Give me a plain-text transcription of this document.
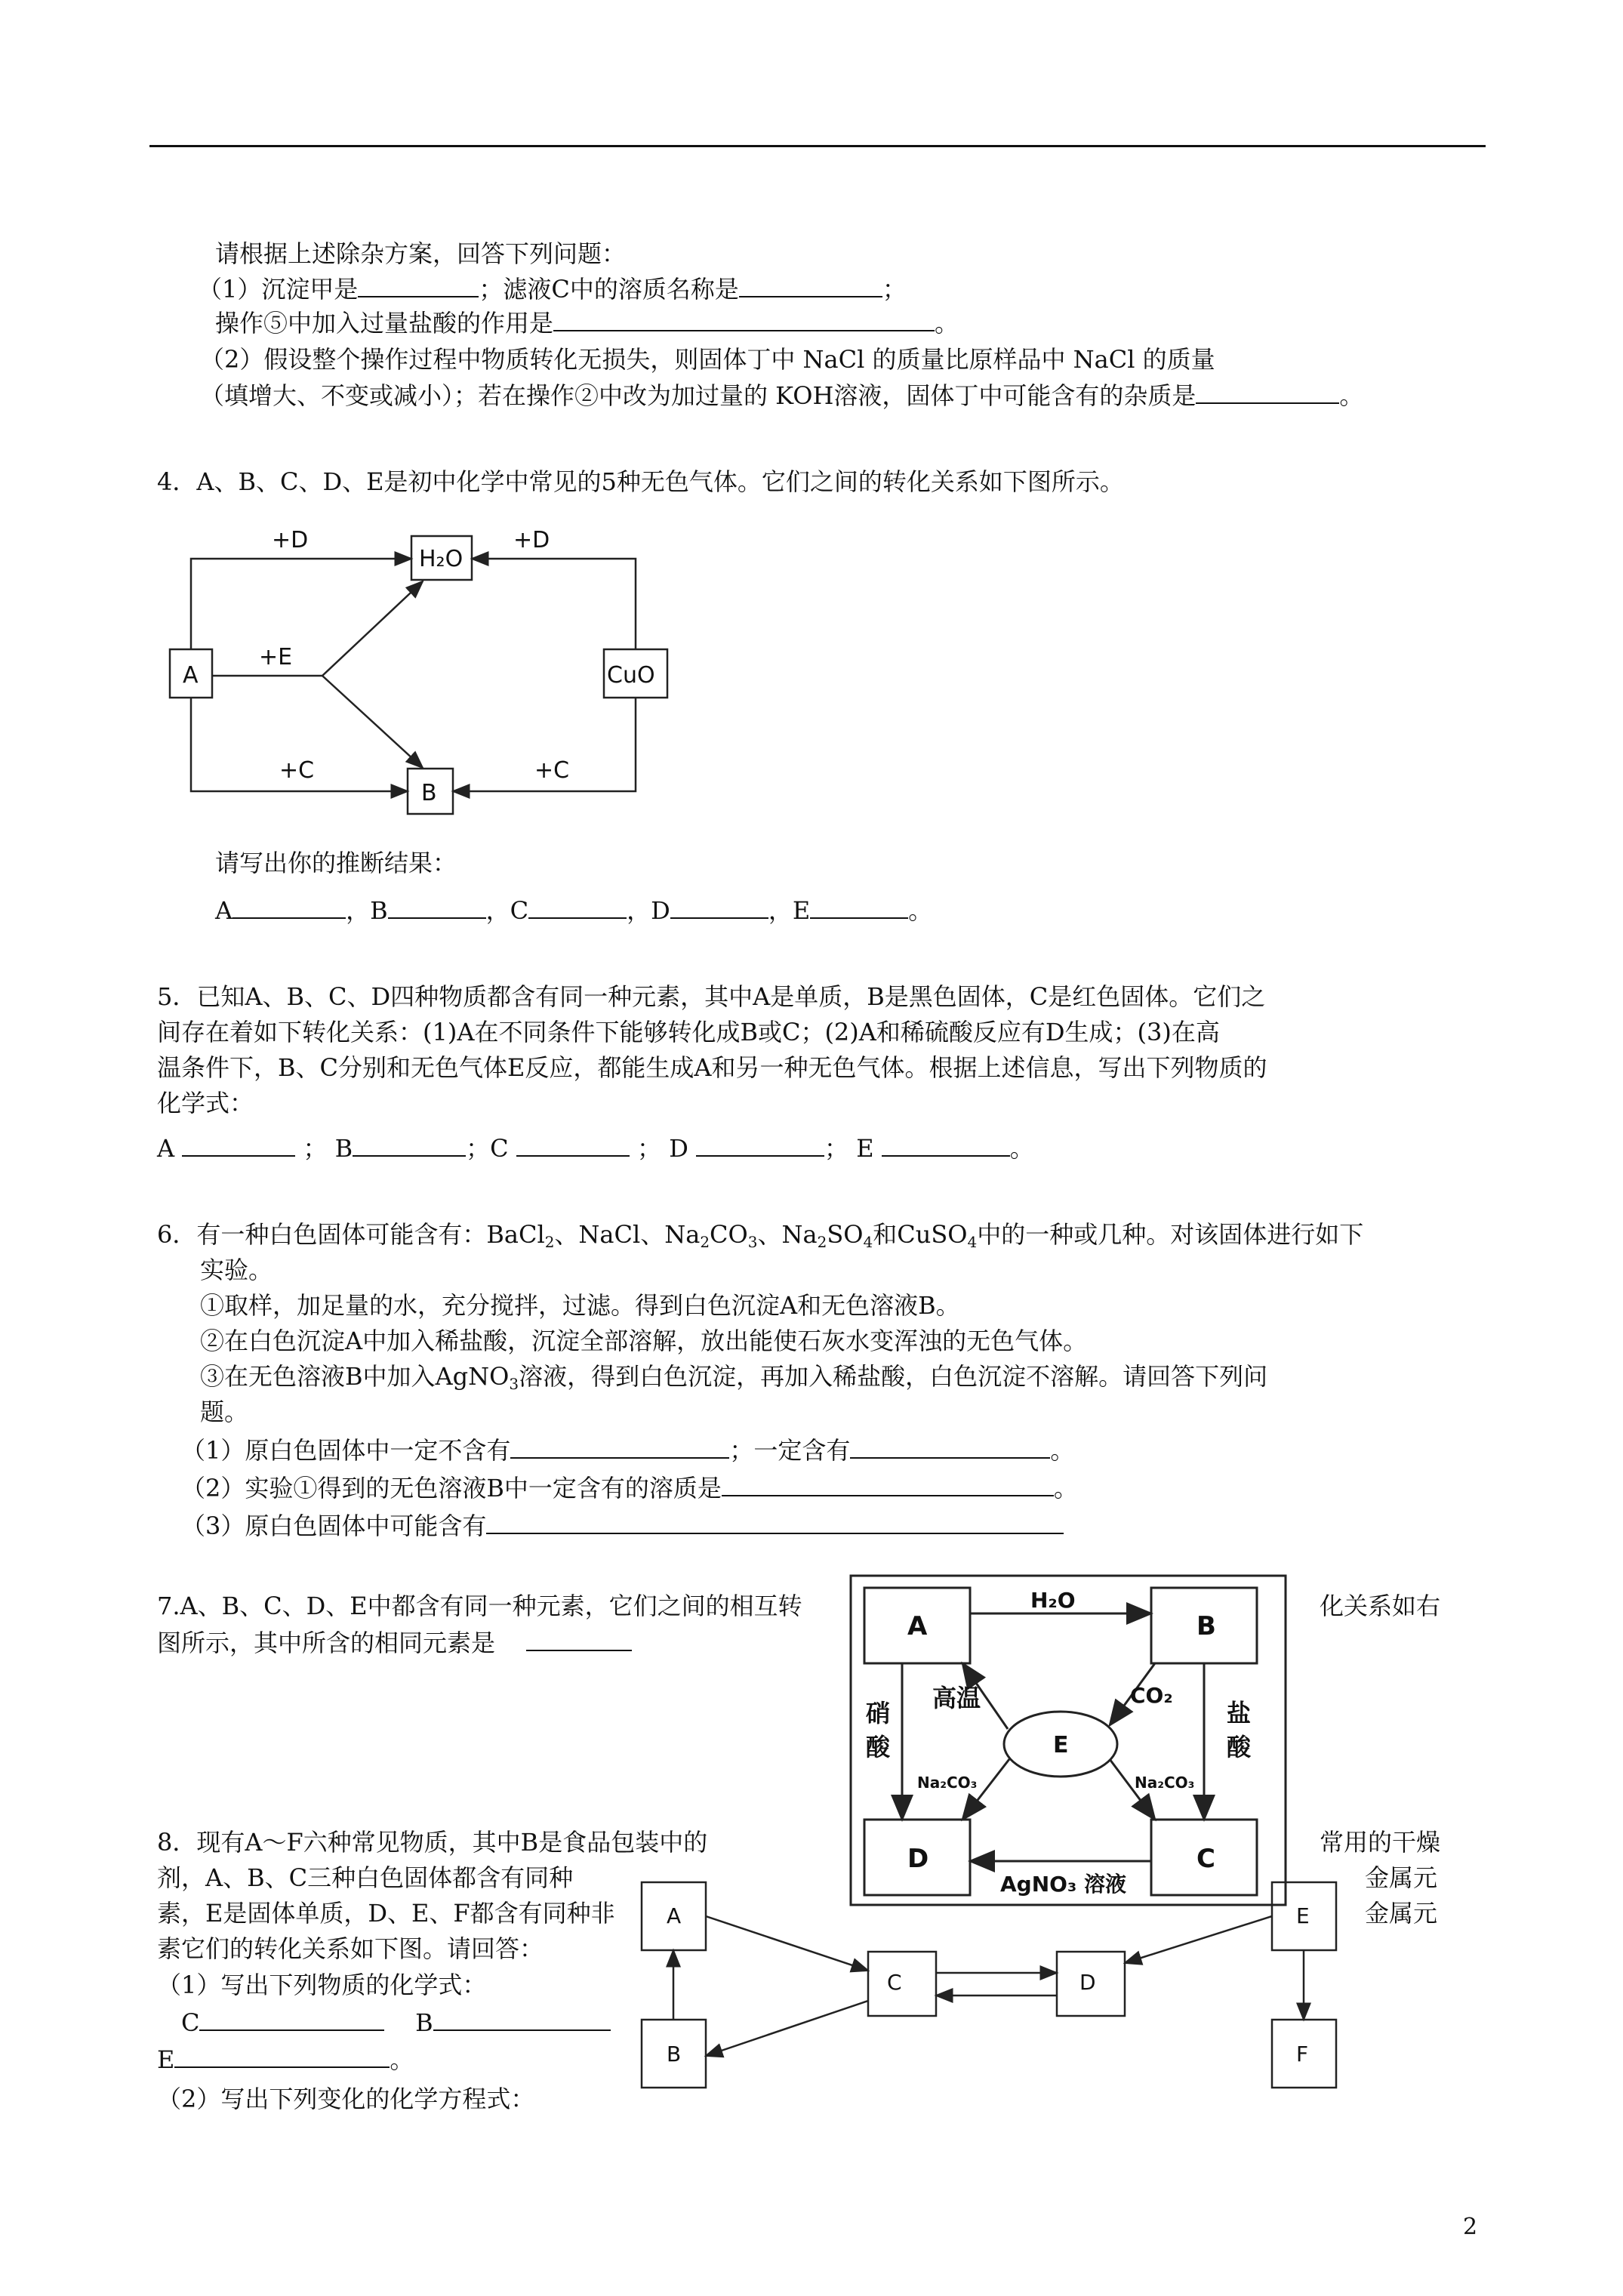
请根据上述除杂方案，回答下列问题：
（1）沉淀甲是	；滤液C中的溶质名称是	；
操作⑤中加入过量盐酸的作用是	。
（2）假设整个操作过程中物质转化无损失，则固体丁中 NaCl 的质量比原样品中 NaCl 的质量
（填增大、不变或减小）；若在操作②中改为加过量的 KOH溶液，固体丁中可能含有的杂质是	。
4．A、B、C、D、E是初中化学中常见的5种无色气体。它们之间的转化关系如下图所示。
A
H₂O
CuO
B
+D	+D
+E
+C	+C
请写出你的推断结果：
A	，B	，C	，D	，E	。
5．已知A、B、C、D四种物质都含有同一种元素，其中A是单质，B是黑色固体，C是红色固体。它们之
间存在着如下转化关系：(1)A在不同条件下能够转化成B或C；(2)A和稀硫酸反应有D生成；(3)在高
温条件下，B、C分别和无色气体E反应，都能生成A和另一种无色气体。根据上述信息，写出下列物质的
化学式：
A	； B	；C	； D	； E	。
6．有一种白色固体可能含有：BaCl$_2$、NaCl、$Na_2CO_3$、$Na_2SO_4$和CuSO$_4$中的一种或几种。对该固体进行如下
实验。
①取样，加足量的水，充分搅拌，过滤。得到白色沉淀A和无色溶液B。
②在白色沉淀A中加入稀盐酸，沉淀全部溶解，放出能使石灰水变浑浊的无色气体。
③在无色溶液B中加入AgNO$_3$溶液，得到白色沉淀，再加入稀盐酸，白色沉淀不溶解。请回答下列问
题。
（1）原白色固体中一定不含有	；一定含有	。
（2）实验①得到的无色溶液B中一定含有的溶质是	。
（3）原白色固体中可能含有
7.A、B、C、D、E中都含有同一种元素，它们之间的相互转	化关系如右
图所示，其中所含的相同元素是
A	B
D	C
E
H₂O
高温	CO₂
硝
酸
盐
酸
Na₂CO₃	Na₂CO₃
AgNO₃ 溶液
8．现有A～F六种常见物质，其中B是食品包装中的	常用的干燥
剂，A、B、C三种白色固体都含有同种	金属元
素，E是固体单质，D、E、F都含有同种非	金属元
素它们的转化关系如下图。请回答：
（1）写出下列物质的化学式：
C	B
E	。
（2）写出下列变化的化学方程式：
A
B
C	D
E
F
2
